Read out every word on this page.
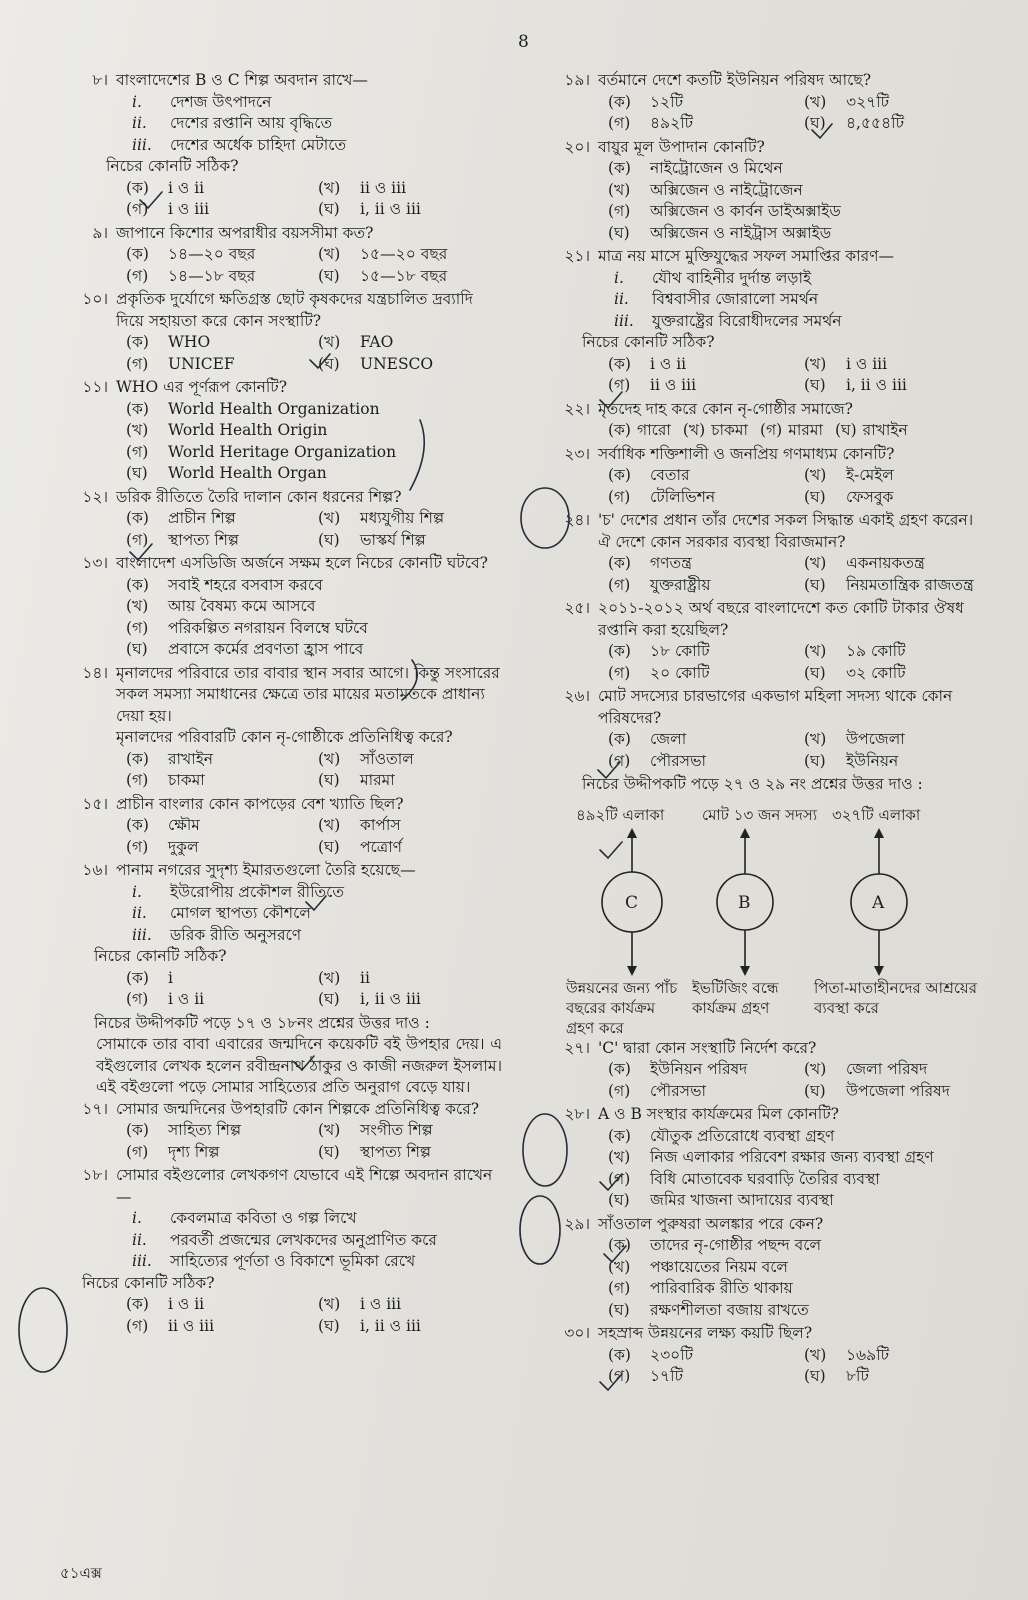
8
৮। বাংলাদেশের B ও C শিল্প অবদান রাখে—
i.	দেশজ উৎপাদনে
ii.	দেশের রপ্তানি আয় বৃদ্ধিতে
iii.	দেশের অর্ধেক চাহিদা মেটাতে
নিচের কোনটি সঠিক?
(ক)	i ও ii	(খ)	ii ও iii
(গ)	i ও iii	(ঘ)	i, ii ও iii
৯। জাপানে কিশোর অপরাধীর বয়সসীমা কত?
(ক)	১৪—২০ বছর	(খ)	১৫—২০ বছর
(গ)	১৪—১৮ বছর	(ঘ)	১৫—১৮ বছর
১০। প্রকৃতিক দুর্যোগে ক্ষতিগ্রস্ত ছোট কৃষকদের যন্ত্রচালিত দ্রব্যাদি দিয়ে সহায়তা করে কোন সংস্থাটি?
(ক)	WHO	(খ)	FAO
(গ)	UNICEF	(ঘ)	UNESCO
১১। WHO এর পূর্ণরূপ কোনটি?
(ক)	World Health Organization
(খ)	World Health Origin
(গ)	World Heritage Organization
(ঘ)	World Health Organ
১২। ডরিক রীতিতে তৈরি দালান কোন ধরনের শিল্প?
(ক)	প্রাচীন শিল্প	(খ)	মধ্যযুগীয় শিল্প
(গ)	স্থাপত্য শিল্প	(ঘ)	ভাস্কর্য শিল্প
১৩। বাংলাদেশ এসডিজি অর্জনে সক্ষম হলে নিচের কোনটি ঘটবে?
(ক)	সবাই শহরে বসবাস করবে
(খ)	আয় বৈষম্য কমে আসবে
(গ)	পরিকল্পিত নগরায়ন বিলম্বে ঘটবে
(ঘ)	প্রবাসে কর্মের প্রবণতা হ্রাস পাবে
১৪। মৃনালদের পরিবারে তার বাবার স্থান সবার আগে। কিন্তু সংসারের সকল সমস্যা সমাধানের ক্ষেত্রে তার মায়ের মতামতকে প্রাধান্য দেয়া হয়।
মৃনালদের পরিবারটি কোন নৃ-গোষ্ঠীকে প্রতিনিধিত্ব করে?
(ক)	রাখাইন	(খ)	সাঁওতাল
(গ)	চাকমা	(ঘ)	মারমা
১৫। প্রাচীন বাংলার কোন কাপড়ের বেশ খ্যাতি ছিল?
(ক)	ক্ষৌম	(খ)	কার্পাস
(গ)	দুকুল	(ঘ)	পত্রোর্ণ
১৬। পানাম নগরের সুদৃশ্য ইমারতগুলো তৈরি হয়েছে—
i.	ইউরোপীয় প্রকৌশল রীতিতে
ii.	মোগল স্থাপত্য কৌশলে
iii.	ডরিক রীতি অনুসরণে
নিচের কোনটি সঠিক?
(ক)	i	(খ)	ii
(গ)	i ও ii	(ঘ)	i, ii ও iii
নিচের উদ্দীপকটি পড়ে ১৭ ও ১৮নং প্রশ্নের উত্তর দাও :
সোমাকে তার বাবা এবারের জন্মদিনে কয়েকটি বই উপহার দেয়। এ বইগুলোর লেখক হলেন রবীন্দ্রনাথ ঠাকুর ও কাজী নজরুল ইসলাম। এই বইগুলো পড়ে সোমার সাহিত্যের প্রতি অনুরাগ বেড়ে যায়।
১৭। সোমার জন্মদিনের উপহারটি কোন শিল্পকে প্রতিনিধিত্ব করে?
(ক)	সাহিত্য শিল্প	(খ)	সংগীত শিল্প
(গ)	দৃশ্য শিল্প	(ঘ)	স্থাপত্য শিল্প
১৮। সোমার বইগুলোর লেখকগণ যেভাবে এই শিল্পে অবদান রাখেন—
i.	কেবলমাত্র কবিতা ও গল্প লিখে
ii.	পরবর্তী প্রজন্মের লেখকদের অনুপ্রাণিত করে
iii.	সাহিত্যের পূর্ণতা ও বিকাশে ভূমিকা রেখে
নিচের কোনটি সঠিক?
(ক)	i ও ii	(খ)	i ও iii
(গ)	ii ও iii	(ঘ)	i, ii ও iii
১৯। বর্তমানে দেশে কতটি ইউনিয়ন পরিষদ আছে?
(ক)	১২টি	(খ)	৩২৭টি
(গ)	৪৯২টি	(ঘ)	৪,৫৫৪টি
২০। বায়ুর মূল উপাদান কোনটি?
(ক)	নাইট্রোজেন ও মিথেন
(খ)	অক্সিজেন ও নাইট্রোজেন
(গ)	অক্সিজেন ও কার্বন ডাইঅক্সাইড
(ঘ)	অক্সিজেন ও নাইট্রাস অক্সাইড
২১। মাত্র নয় মাসে মুক্তিযুদ্ধের সফল সমাপ্তির কারণ—
i.	যৌথ বাহিনীর দুর্দান্ত লড়াই
ii.	বিশ্ববাসীর জোরালো সমর্থন
iii.	যুক্তরাষ্ট্রের বিরোধীদলের সমর্থন
নিচের কোনটি সঠিক?
(ক)	i ও ii	(খ)	i ও iii
(গ)	ii ও iii	(ঘ)	i, ii ও iii
২২। মৃতদেহ দাহ করে কোন নৃ-গোষ্ঠীর সমাজে?
(ক) গারো (খ) চাকমা (গ) মারমা (ঘ) রাখাইন
২৩। সর্বাধিক শক্তিশালী ও জনপ্রিয় গণমাধ্যম কোনটি?
(ক)	বেতার	(খ)	ই-মেইল
(গ)	টেলিভিশন	(ঘ)	ফেসবুক
২৪। 'চ' দেশের প্রধান তাঁর দেশের সকল সিদ্ধান্ত একাই গ্রহণ করেন।
ঐ দেশে কোন সরকার ব্যবস্থা বিরাজমান?
(ক)	গণতন্ত্র	(খ)	একনায়কতন্ত্র
(গ)	যুক্তরাষ্ট্রীয়	(ঘ)	নিয়মতান্ত্রিক রাজতন্ত্র
২৫। ২০১১-২০১২ অর্থ বছরে বাংলাদেশে কত কোটি টাকার ঔষধ রপ্তানি করা হয়েছিল?
(ক)	১৮ কোটি	(খ)	১৯ কোটি
(গ)	২০ কোটি	(ঘ)	৩২ কোটি
২৬। মোট সদস্যের চারভাগের একভাগ মহিলা সদস্য থাকে কোন পরিষদের?
(ক)	জেলা	(খ)	উপজেলা
(গ)	পৌরসভা	(ঘ)	ইউনিয়ন
নিচের উদ্দীপকটি পড়ে ২৭ ও ২৯ নং প্রশ্নের উত্তর দাও :
৪৯২টি এলাকা	মোট ১৩ জন সদস্য ৩২৭টি এলাকা
C	B	A
উন্নয়নের জন্য পাঁচ বছরের কার্যক্রম গ্রহণ করে
ইভটিজিং বন্ধে কার্যক্রম গ্রহণ
পিতা-মাতাহীনদের আশ্রয়ের ব্যবস্থা করে
২৭। 'C' দ্বারা কোন সংস্থাটি নির্দেশ করে?
(ক)	ইউনিয়ন পরিষদ	(খ)	জেলা পরিষদ
(গ)	পৌরসভা	(ঘ)	উপজেলা পরিষদ
২৮। A ও B সংস্থার কার্যক্রমের মিল কোনটি?
(ক)	যৌতুক প্রতিরোধে ব্যবস্থা গ্রহণ
(খ)	নিজ এলাকার পরিবেশ রক্ষার জন্য ব্যবস্থা গ্রহণ
(গ)	বিধি মোতাবেক ঘরবাড়ি তৈরির ব্যবস্থা
(ঘ)	জমির খাজনা আদায়ের ব্যবস্থা
২৯। সাঁওতাল পুরুষরা অলঙ্কার পরে কেন?
(ক)	তাদের নৃ-গোষ্ঠীর পছন্দ বলে
(খ)	পঞ্চায়েতের নিয়ম বলে
(গ)	পারিবারিক রীতি থাকায়
(ঘ)	রক্ষণশীলতা বজায় রাখতে
৩০। সহস্রাব্দ উন্নয়নের লক্ষ্য কয়টি ছিল?
(ক)	২৩০টি	(খ)	১৬৯টি
(গ)	১৭টি	(ঘ)	৮টি
৫১এক্স
